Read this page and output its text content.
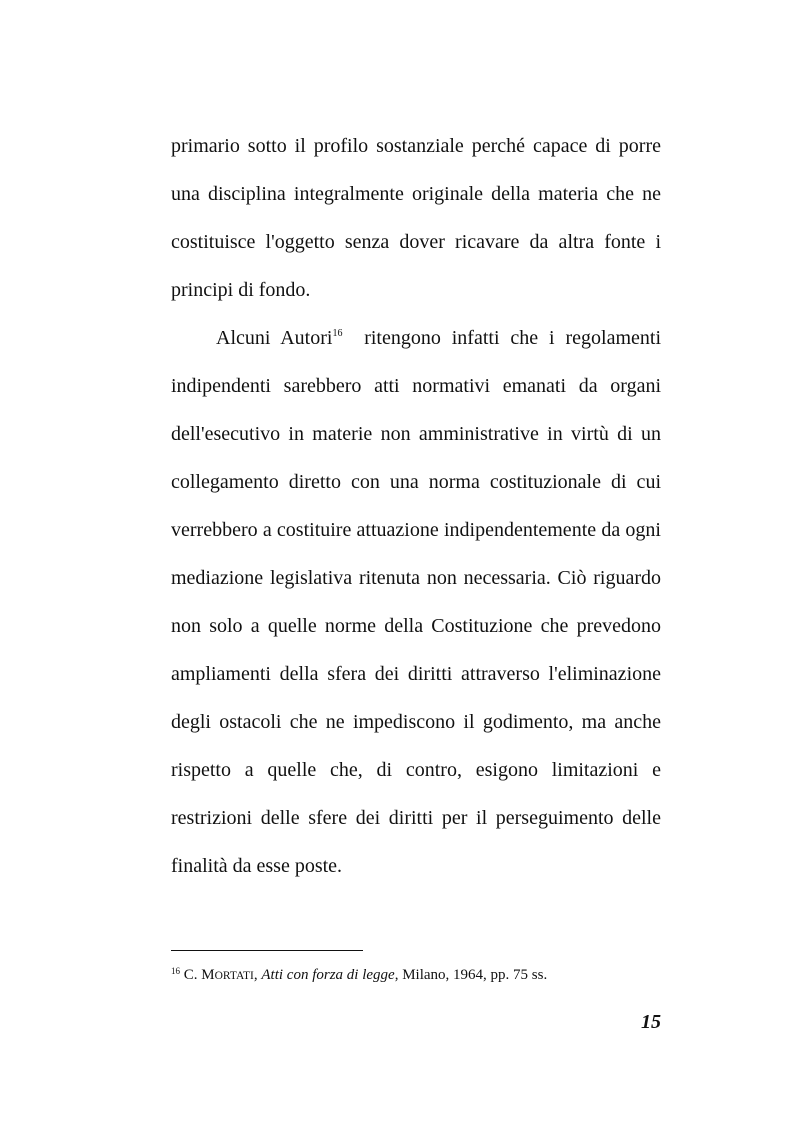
primario sotto il profilo sostanziale perché capace di porre
una disciplina integralmente originale della materia che ne
costituisce l'oggetto senza dover ricavare da altra fonte i
principi di fondo.
Alcuni Autori$^{16}$ ritengono infatti che i regolamenti
indipendenti sarebbero atti normativi emanati da organi
dell'esecutivo in materie non amministrative in virtù di un
collegamento diretto con una norma costituzionale di cui
verrebbero a costituire attuazione indipendentemente da ogni
mediazione legislativa ritenuta non necessaria. Ciò riguardo
non solo a quelle norme della Costituzione che prevedono
ampliamenti della sfera dei diritti attraverso l'eliminazione
degli ostacoli che ne impediscono il godimento, ma anche
rispetto a quelle che, di contro, esigono limitazioni e
restrizioni delle sfere dei diritti per il perseguimento delle
finalità da esse poste.
$^{16}$ C. MORTATI, Atti con forza di legge, Milano, 1964, pp. 75 ss.
15
